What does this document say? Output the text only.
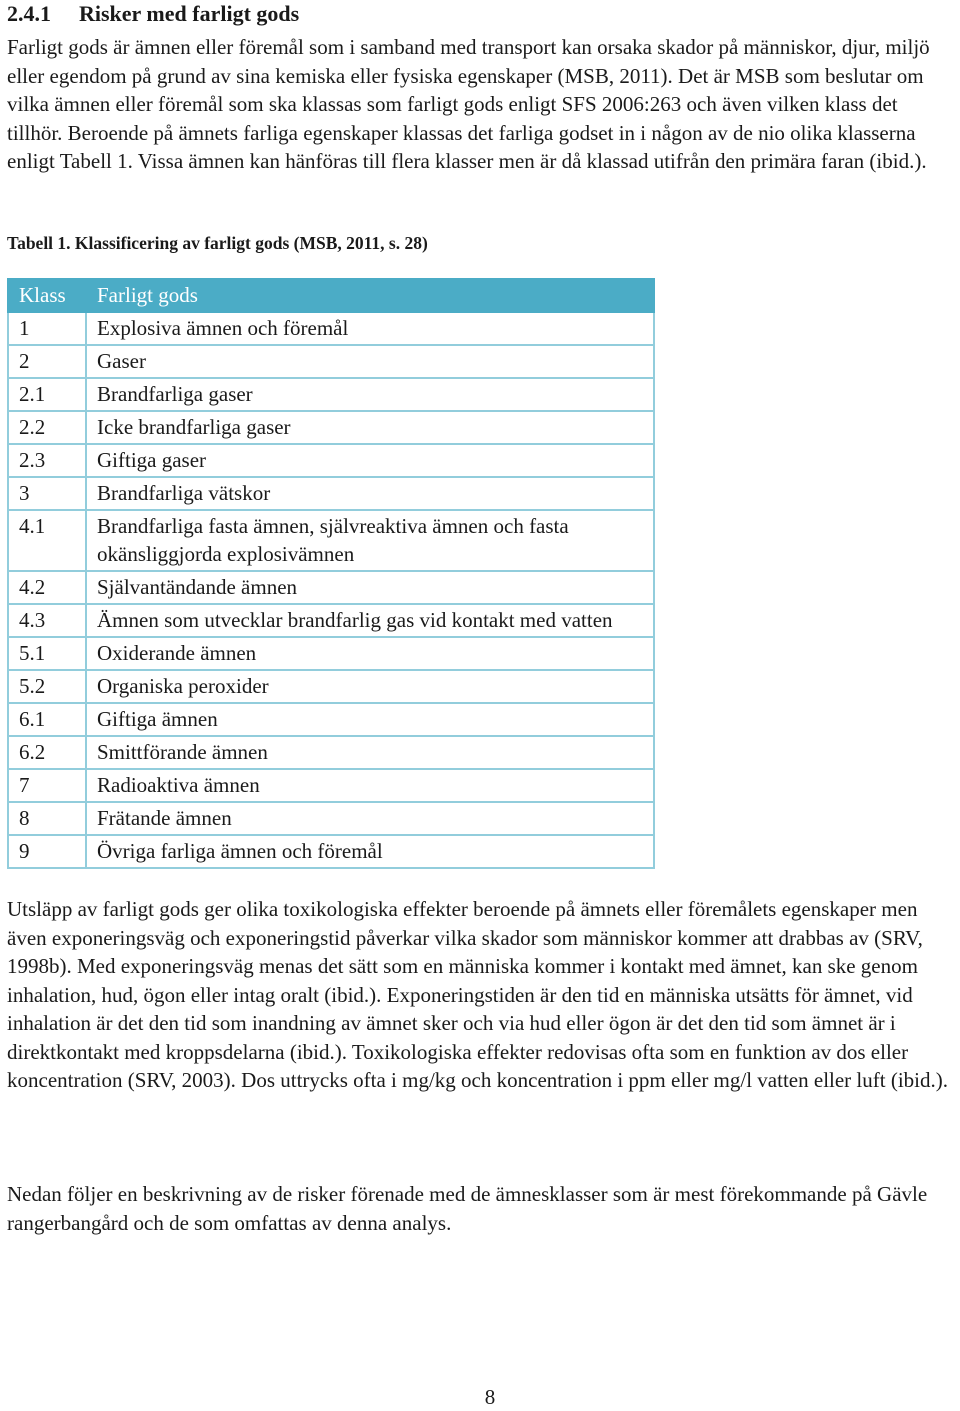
2.4.1 Risker med farligt gods

Farligt gods är ämnen eller föremål som i samband med transport kan orsaka skador på människor, djur, miljö eller egendom på grund av sina kemiska eller fysiska egenskaper (MSB, 2011). Det är MSB som beslutar om vilka ämnen eller föremål som ska klassas som farligt gods enligt SFS 2006:263 och även vilken klass det tillhör. Beroende på ämnets farliga egenskaper klassas det farliga godset in i någon av de nio olika klasserna enligt Tabell 1. Vissa ämnen kan hänföras till flera klasser men är då klassad utifrån den primära faran (ibid.).

Tabell 1. Klassificering av farligt gods (MSB, 2011, s. 28)

Klass	Farligt gods
1	Explosiva ämnen och föremål
2	Gaser
2.1	Brandfarliga gaser
2.2	Icke brandfarliga gaser
2.3	Giftiga gaser
3	Brandfarliga vätskor
4.1	Brandfarliga fasta ämnen, självreaktiva ämnen och fasta okänsliggjorda explosivämnen
4.2	Självantändande ämnen
4.3	Ämnen som utvecklar brandfarlig gas vid kontakt med vatten
5.1	Oxiderande ämnen
5.2	Organiska peroxider
6.1	Giftiga ämnen
6.2	Smittförande ämnen
7	Radioaktiva ämnen
8	Frätande ämnen
9	Övriga farliga ämnen och föremål

Utsläpp av farligt gods ger olika toxikologiska effekter beroende på ämnets eller föremålets egenskaper men även exponeringsväg och exponeringstid påverkar vilka skador som människor kommer att drabbas av (SRV, 1998b). Med exponeringsväg menas det sätt som en människa kommer i kontakt med ämnet, kan ske genom inhalation, hud, ögon eller intag oralt (ibid.). Exponeringstiden är den tid en människa utsätts för ämnet, vid inhalation är det den tid som inandning av ämnet sker och via hud eller ögon är det den tid som ämnet är i direktkontakt med kroppsdelarna (ibid.). Toxikologiska effekter redovisas ofta som en funktion av dos eller koncentration (SRV, 2003). Dos uttrycks ofta i mg/kg och koncentration i ppm eller mg/l vatten eller luft (ibid.).

Nedan följer en beskrivning av de risker förenade med de ämnesklasser som är mest förekommande på Gävle rangerbangård och de som omfattas av denna analys.

8
